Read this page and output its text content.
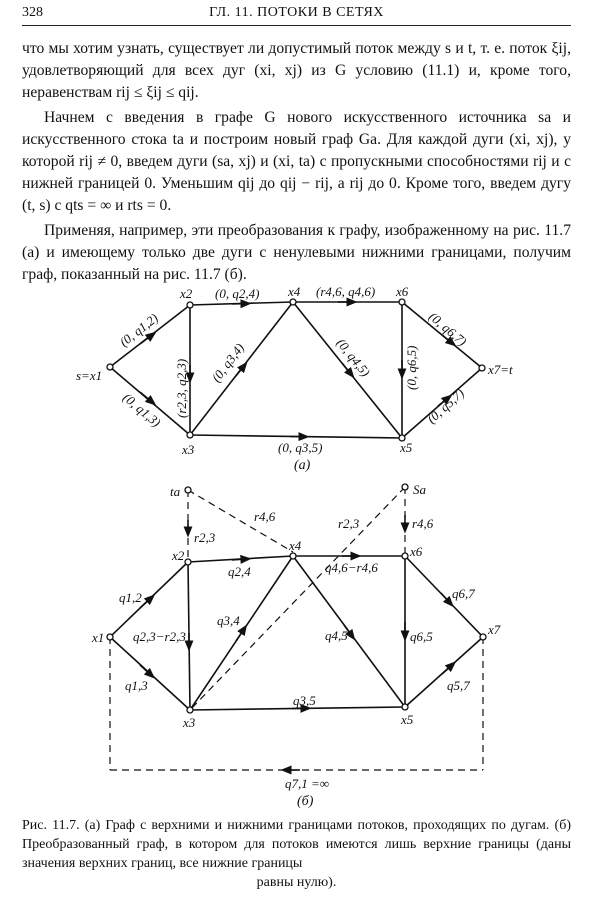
328	ГЛ. 11. ПОТОКИ В СЕТЯХ

что мы хотим узнать, существует ли допустимый поток между s и t, т. е. поток ξij, удовлетворяющий для всех дуг (xi, xj) из G условию (11.1) и, кроме того, неравенствам rij ≤ ξij ≤ qij.

Начнем с введения в графе G нового искусственного источника sa и искусственного стока ta и построим новый граф Ga. Для каждой дуги (xi, xj), у которой rij ≠ 0, введем дуги (sa, xj) и (xi, ta) с пропускными способностями rij и с нижней границей 0. Уменьшим qij до qij − rij, а rij до 0. Кроме того, введем дугу (t, s) с qts = ∞ и rts = 0.

Применяя, например, эти преобразования к графу, изображенному на рис. 11.7 (а) и имеющему только две дуги с ненулевыми нижними границами, получим граф, показанный на рис. 11.7 (б).

s=x1
x2
x3
x4
x5
x6
x7=t
(0, q1,2)
(0, q1,3) (r2,3, q2,3)
(0, q2,4)
(0, q3,4)
(0, q3,5)
(0, q4,5)
(r4,6, q4,6)
(0, q6,5)
(0, q6,7)
(0, q5,7)
(а)
ta	Sa
x1
x2
x3
x4
x5
x6
x7
r2,3
r4,6	r2,3	r4,6
q1,2
q1,3
q2,3−r2,3
q2,4
q3,4
q3,5
q4,5
q4,6−r4,6
q6,5
q6,7
q5,7
q7,1 =∞
(б)
Рис. 11.7. (а) Граф с верхними и нижними границами потоков, проходящих по дугам. (б) Преобразованный граф, в котором для потоков имеются лишь верхние границы (даны значения верхних границ, все нижние границы
равны нулю).
